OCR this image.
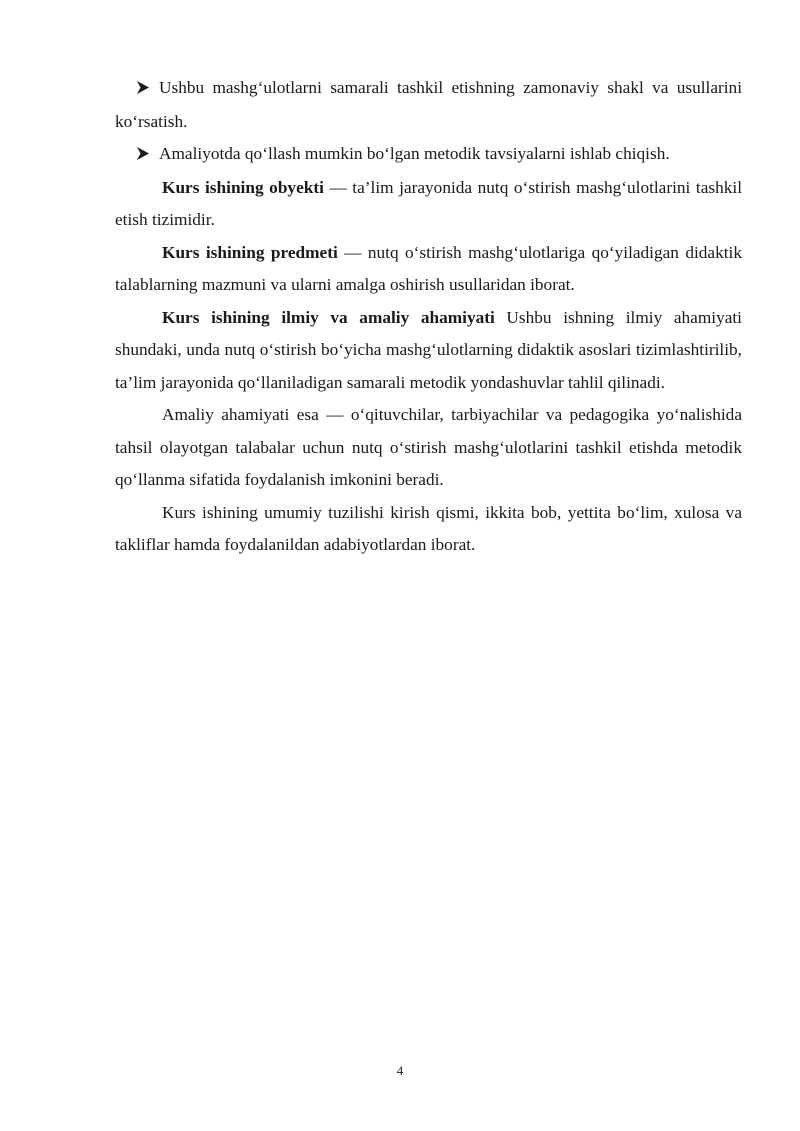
Ushbu mashg‘ulotlarni samarali tashkil etishning zamonaviy shakl va usullarini ko‘rsatish.

Amaliyotda qo‘llash mumkin bo‘lgan metodik tavsiyalarni ishlab chiqish.

Kurs ishining obyekti — ta’lim jarayonida nutq o‘stirish mashg‘ulotlarini tashkil etish tizimidir.

Kurs ishining predmeti — nutq o‘stirish mashg‘ulotlariga qo‘yiladigan didaktik talablarning mazmuni va ularni amalga oshirish usullaridan iborat.

Kurs ishining ilmiy va amaliy ahamiyati Ushbu ishning ilmiy ahamiyati shundaki, unda nutq o‘stirish bo‘yicha mashg‘ulotlarning didaktik asoslari tizimlashtirilib, ta’lim jarayonida qo‘llaniladigan samarali metodik yondashuvlar tahlil qilinadi.

Amaliy ahamiyati esa — o‘qituvchilar, tarbiyachilar va pedagogika yo‘nalishida tahsil olayotgan talabalar uchun nutq o‘stirish mashg‘ulotlarini tashkil etishda metodik qo‘llanma sifatida foydalanish imkonini beradi.

Kurs ishining umumiy tuzilishi kirish qismi, ikkita bob, yettita bo‘lim, xulosa va takliflar hamda foydalanildan adabiyotlardan iborat.

4
